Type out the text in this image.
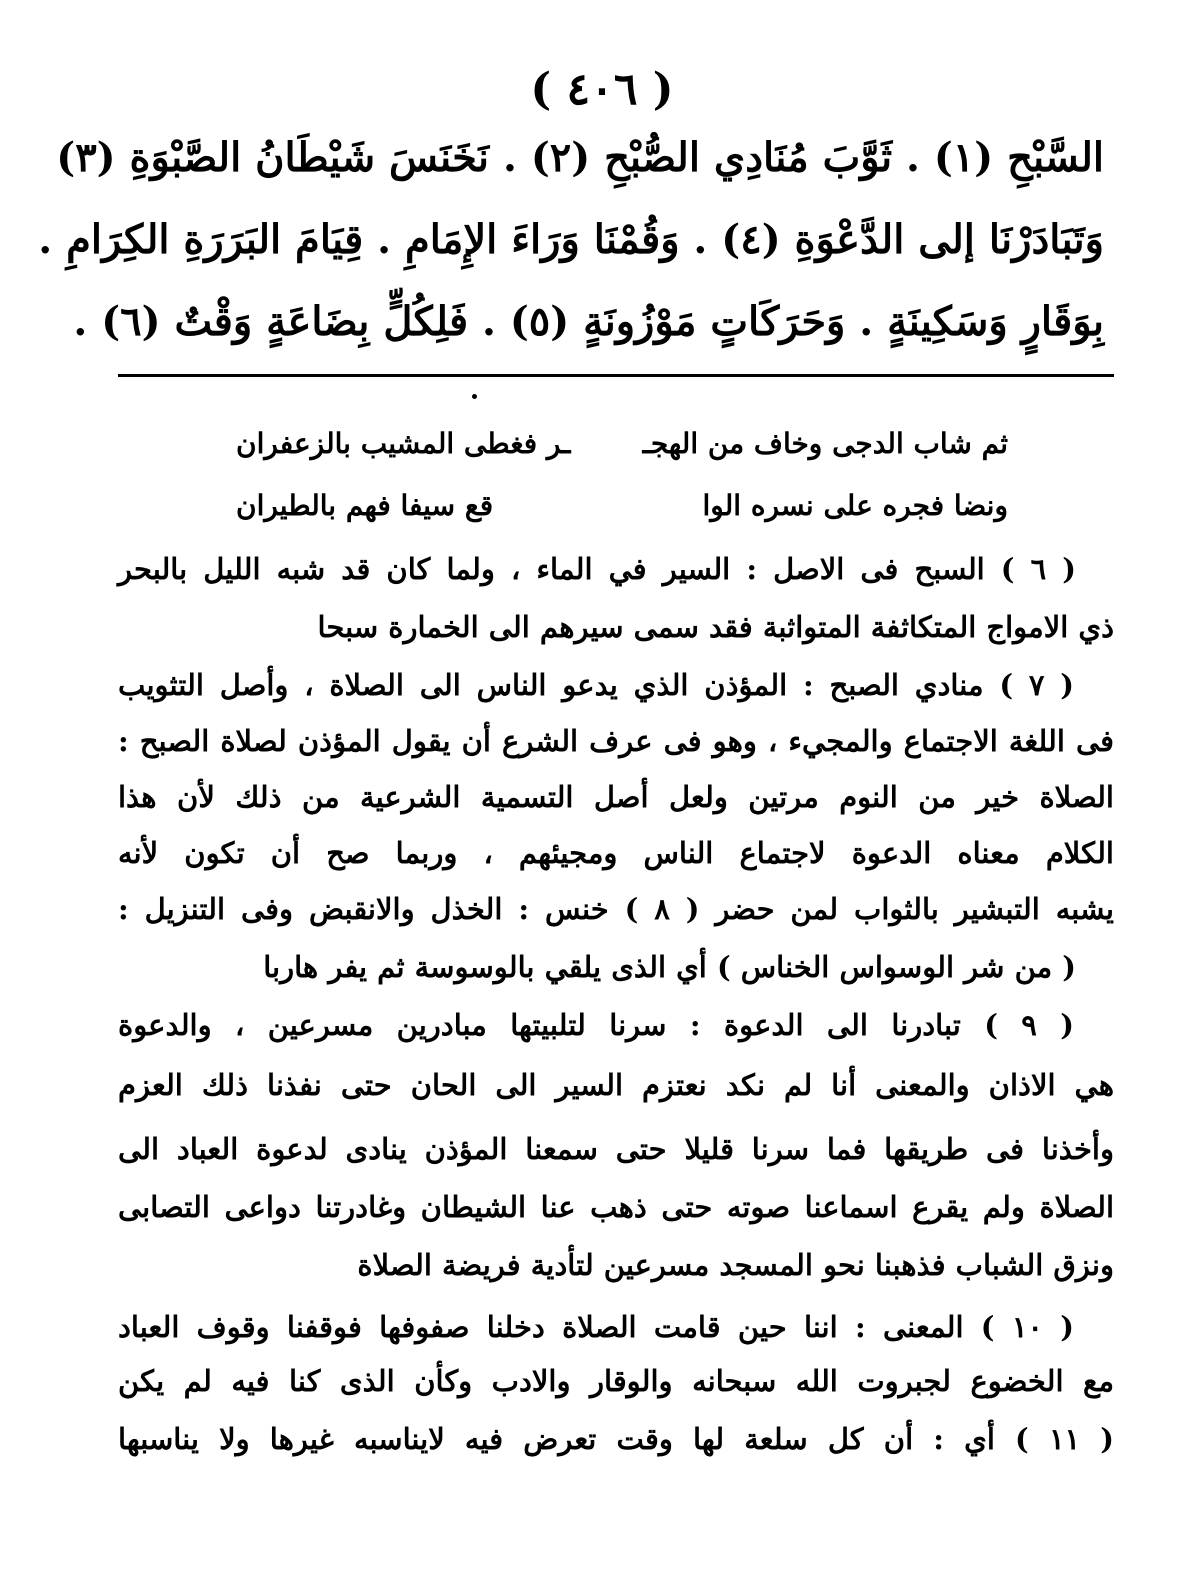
( ٤٠٦ )
السَّبْحِ (١) . ثَوَّبَ مُنَادِي الصُّبْحِ (٢) . نَخَنَسَ شَيْطَانُ الصَّبْوَةِ (٣)
وَتَبَادَرْنَا إلى الدَّعْوَةِ (٤) . وَقُمْنَا وَرَاءَ الإِمَامِ . قِيَامَ البَرَرَةِ الكِرَامِ .
بِوَقَارٍ وَسَكِينَةٍ . وَحَرَكَاتٍ مَوْزُونَةٍ (٥) . فَلِكُلٍّ بِضَاعَةٍ وَقْتٌ (٦) .
ثم شاب الدجى وخاف من الهجـ
ـر فغطى المشيب بالزعفران
ونضا فجره على نسره الوا
قع سيفا فهم بالطيران
( ٦ ) السبح فى الاصل : السير في الماء ، ولما كان قد شبه الليل بالبحر
ذي الامواج المتكاثفة المتواثبة فقد سمى سيرهم الى الخمارة سبحا
( ٧ ) منادي الصبح : المؤذن الذي يدعو الناس الى الصلاة ، وأصل التثويب
فى اللغة الاجتماع والمجيء ، وهو فى عرف الشرع أن يقول المؤذن لصلاة الصبح :
الصلاة خير من النوم مرتين ولعل أصل التسمية الشرعية من ذلك لأن هذا
الكلام معناه الدعوة لاجتماع الناس ومجيئهم ، وربما صح أن تكون لأنه
يشبه التبشير بالثواب لمن حضر ( ٨ ) خنس : الخذل والانقبض وفى التنزيل :
( من شر الوسواس الخناس ) أي الذى يلقي بالوسوسة ثم يفر هاربا
( ٩ ) تبادرنا الى الدعوة : سرنا لتلبيتها مبادرين مسرعين ، والدعوة
هي الاذان والمعنى أنا لم نكد نعتزم السير الى الحان حتى نفذنا ذلك العزم
وأخذنا فى طريقها فما سرنا قليلا حتى سمعنا المؤذن ينادى لدعوة العباد الى
الصلاة ولم يقرع اسماعنا صوته حتى ذهب عنا الشيطان وغادرتنا دواعى التصابى
ونزق الشباب فذهبنا نحو المسجد مسرعين لتأدية فريضة الصلاة
( ١٠ ) المعنى : اننا حين قامت الصلاة دخلنا صفوفها فوقفنا وقوف العباد
مع الخضوع لجبروت الله سبحانه والوقار والادب وكأن الذى كنا فيه لم يكن
( ١١ ) أي : أن كل سلعة لها وقت تعرض فيه لايناسبه غيرها ولا يناسبها
